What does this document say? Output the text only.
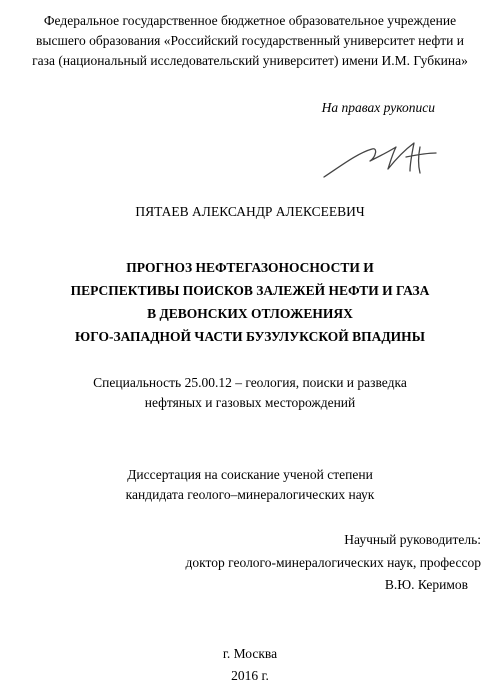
Федеральное государственное бюджетное образовательное учреждение
высшего образования «Российский государственный университет нефти и
газа (национальный исследовательский университет) имени И.М. Губкина»
На правах рукописи
ПЯТАЕВ АЛЕКСАНДР АЛЕКСЕЕВИЧ
ПРОГНОЗ НЕФТЕГАЗОНОСНОСТИ И
ПЕРСПЕКТИВЫ ПОИСКОВ ЗАЛЕЖЕЙ НЕФТИ И ГАЗА
В ДЕВОНСКИХ ОТЛОЖЕНИЯХ
ЮГО-ЗАПАДНОЙ ЧАСТИ БУЗУЛУКСКОЙ ВПАДИНЫ
Специальность 25.00.12 – геология, поиски и разведка
нефтяных и газовых месторождений
Диссертация на соискание ученой степени
кандидата геолого–минералогических наук
Научный руководитель:
доктор геолого-минералогических наук, профессор
В.Ю. Керимов
г. Москва
2016 г.
